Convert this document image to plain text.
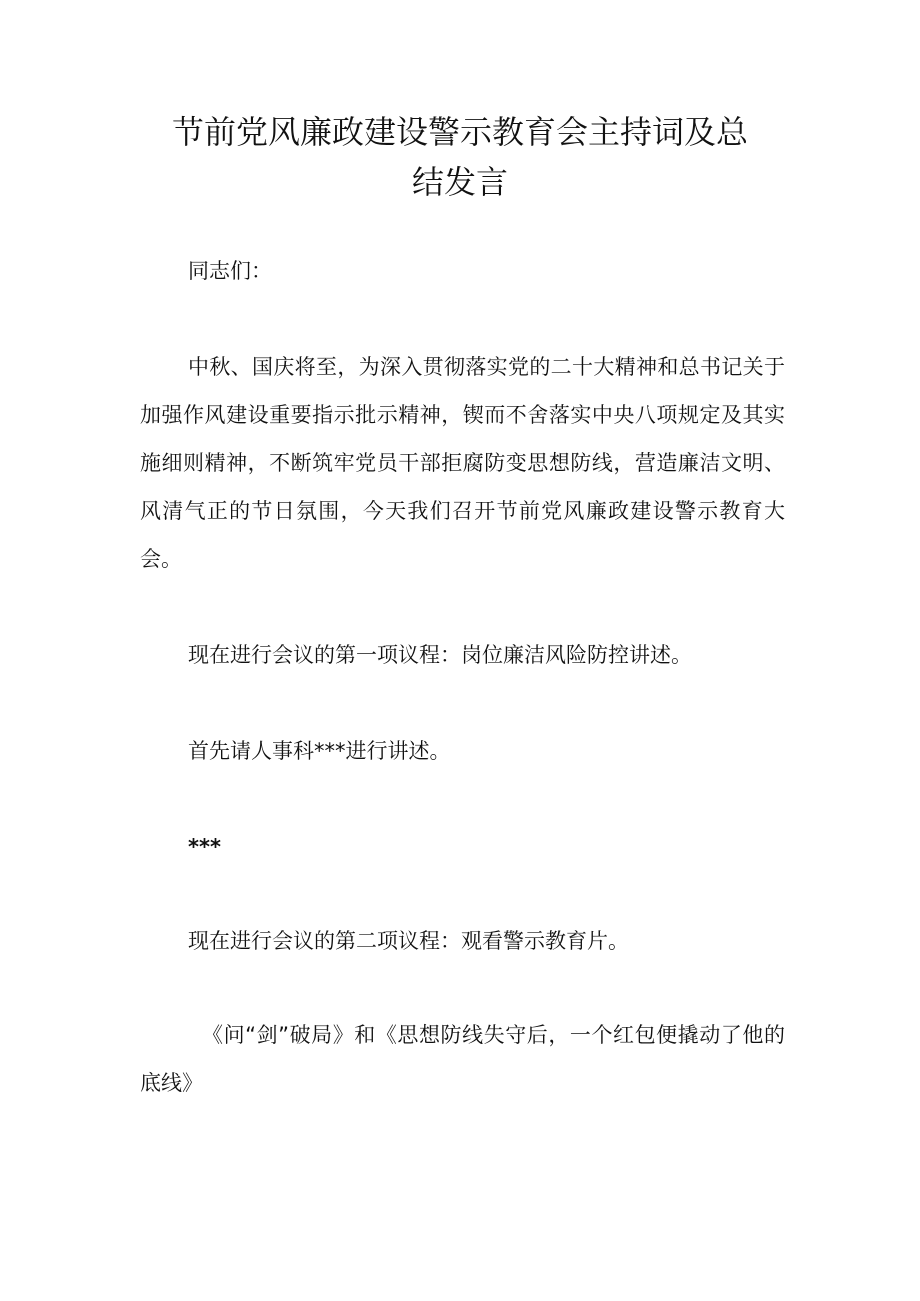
节前党风廉政建设警示教育会主持词及总
结发言
同志们：
中秋、国庆将至，为深入贯彻落实党的二十大精神和总书记关于加强作风建设重要指示批示精神，锲而不舍落实中央八项规定及其实施细则精神，不断筑牢党员干部拒腐防变思想防线，营造廉洁文明、风清气正的节日氛围，今天我们召开节前党风廉政建设警示教育大会。
现在进行会议的第一项议程：岗位廉洁风险防控讲述。
首先请人事科***进行讲述。
***
现在进行会议的第二项议程：观看警示教育片。
《问“剑”破局》和《思想防线失守后，一个红包便撬动了他的底线》
